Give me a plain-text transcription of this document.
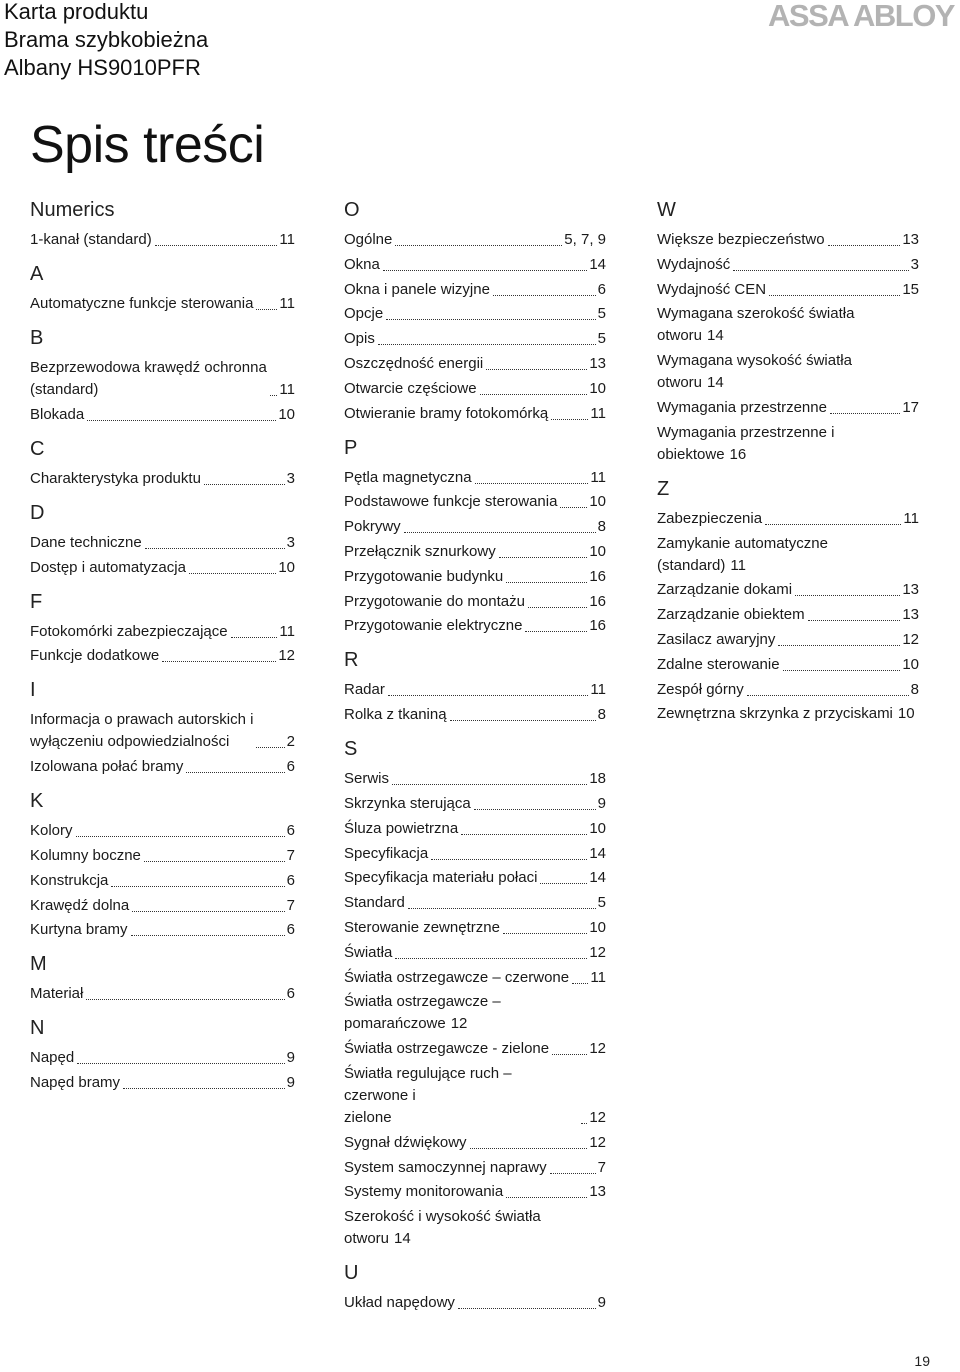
Karta produktu
Brama szybkobieżna
Albany HS9010PFR
ASSA ABLOY
Spis treści
Numerics
1-kanał (standard)	11
A
Automatyczne funkcje sterowania 11
B
Bezprzewodowa krawędź ochronna
(standard)	11
Blokada	10
C
Charakterystyka produktu	3
D
Dane techniczne	3
Dostęp i automatyzacja	10
F
Fotokomórki zabezpieczające	11
Funkcje dodatkowe	12
I
Informacja o prawach autorskich i
wyłączeniu odpowiedzialności	2
Izolowana połać bramy	6
K
Kolory	6
Kolumny boczne	7
Konstrukcja	6
Krawędź dolna	7
Kurtyna bramy	6
M
Materiał	6
N
Napęd	9
Napęd bramy	9
O
Ogólne	5, 7, 9
Okna	14
Okna i panele wizyjne	6
Opcje	5
Opis	5
Oszczędność energii	13
Otwarcie częściowe	10
Otwieranie bramy fotokomórką	11
P
Pętla magnetyczna	11
Podstawowe funkcje sterowania 10
Pokrywy	8
Przełącznik sznurkowy	10
Przygotowanie budynku	16
Przygotowanie do montażu	16
Przygotowanie elektryczne	16
R
Radar	11
Rolka z tkaniną	8
S
Serwis	18
Skrzynka sterująca	9
Śluza powietrzna	10
Specyfikacja	14
Specyfikacja materiału połaci	14
Standard	5
Sterowanie zewnętrzne	10
Światła	12
Światła ostrzegawcze – czerwone 11
Światła ostrzegawcze – pomarańczowe 12
Światła ostrzegawcze - zielone	12
Światła regulujące ruch – czerwone i
zielone	12
Sygnał dźwiękowy	12
System samoczynnej naprawy	7
Systemy monitorowania	13
Szerokość i wysokość światła otworu 14
U
Układ napędowy	9
W
Większe bezpieczeństwo	13
Wydajność	3
Wydajność CEN	15
Wymagana szerokość światła otworu 14
Wymagana wysokość światła otworu 14
Wymagania przestrzenne	17
Wymagania przestrzenne i obiektowe 16
Z
Zabezpieczenia	11
Zamykanie automatyczne (standard) 11
Zarządzanie dokami	13
Zarządzanie obiektem	13
Zasilacz awaryjny	12
Zdalne sterowanie	10
Zespół górny	8
Zewnętrzna skrzynka z przyciskami 10
19
